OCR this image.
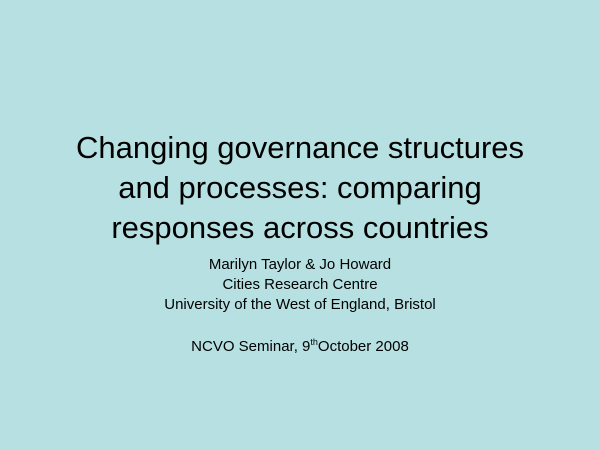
Changing governance structures
and processes: comparing
responses across countries
Marilyn Taylor & Jo Howard
Cities Research Centre
University of the West of England, Bristol
NCVO Seminar, 9thOctober 2008
